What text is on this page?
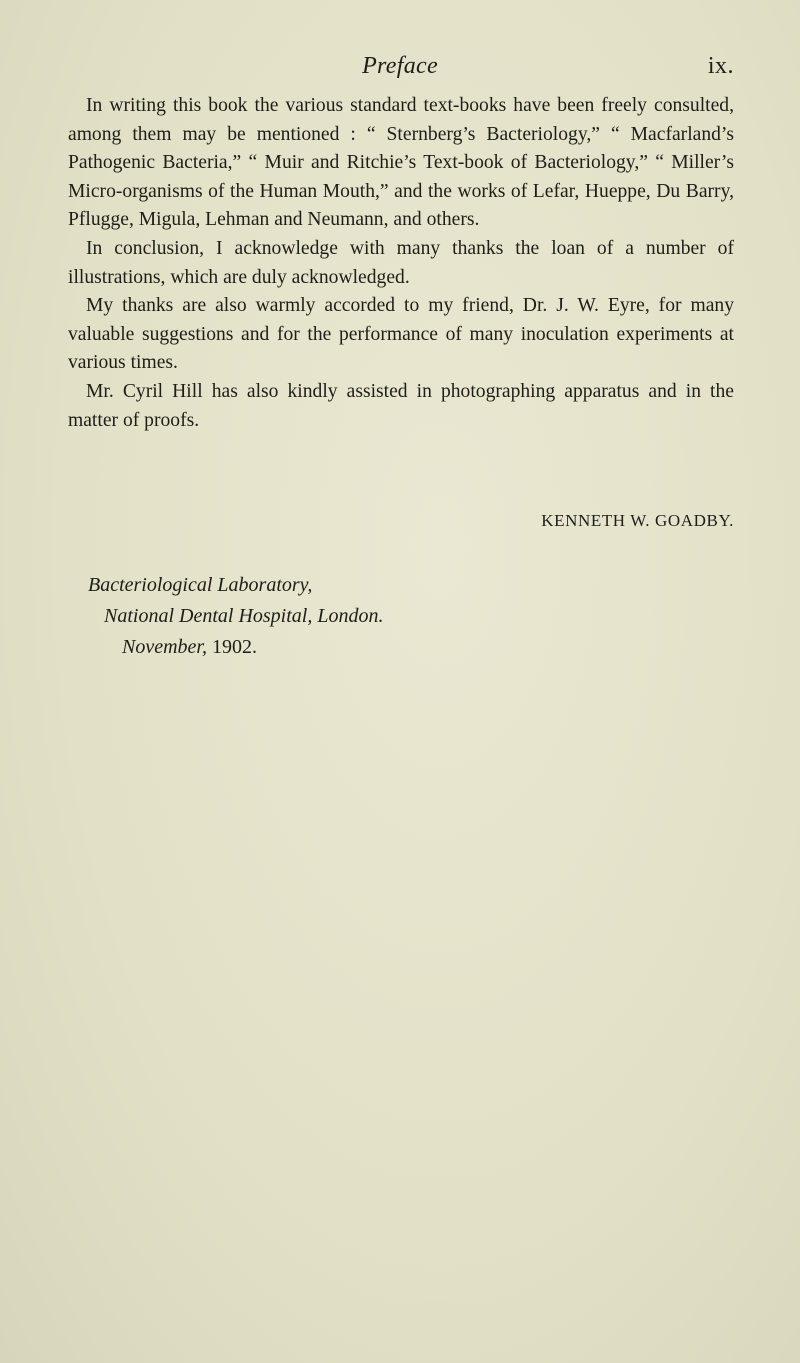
Preface	ix.

In writing this book the various standard text-books have been freely consulted, among them may be mentioned : “ Sternberg’s Bacteriology,” “ Macfarland’s Pathogenic Bacteria,” “ Muir and Ritchie’s Text-book of Bacteriology,” “ Miller’s Micro-organisms of the Human Mouth,” and the works of Lefar, Hueppe, Du Barry, Pflugge, Migula, Lehman and Neumann, and others.

In conclusion, I acknowledge with many thanks the loan of a number of illustrations, which are duly acknowledged.

My thanks are also warmly accorded to my friend, Dr. J. W. Eyre, for many valuable suggestions and for the performance of many inoculation experiments at various times.

Mr. Cyril Hill has also kindly assisted in photographing apparatus and in the matter of proofs.

KENNETH W. GOADBY.
Bacteriological Laboratory,
National Dental Hospital, London.
November, 1902.
